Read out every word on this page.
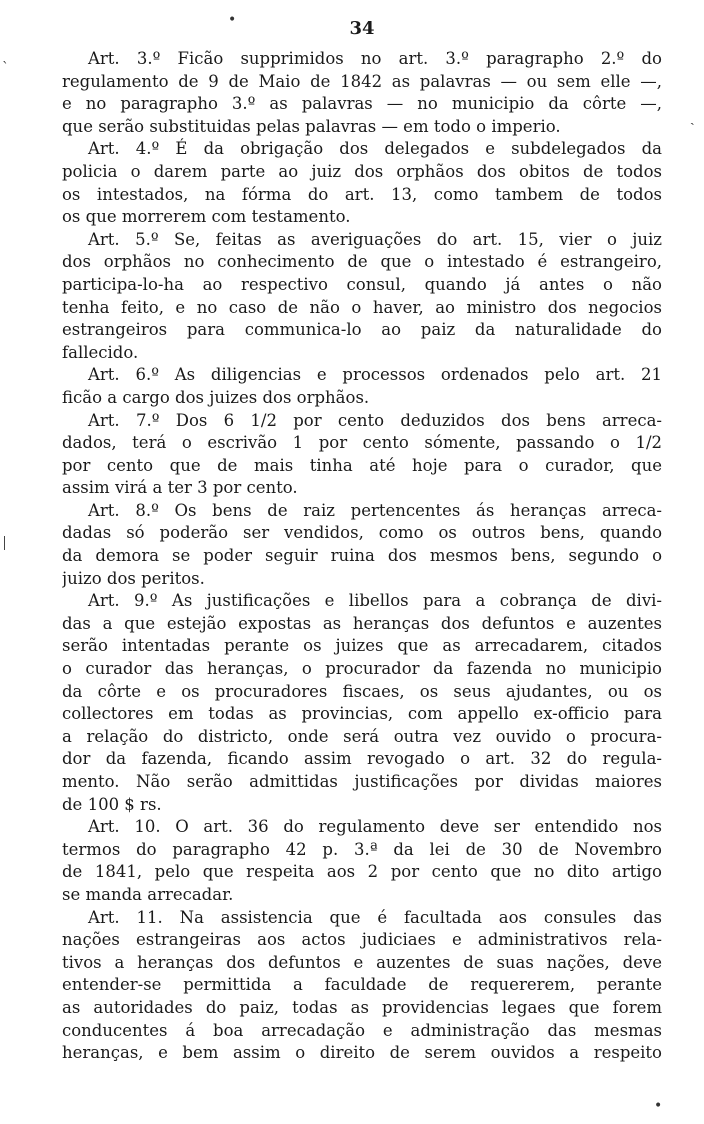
•
ˋ
ˎ
•
34
Art. 3.º Ficão supprimidos no art. 3.º paragrapho 2.º do
regulamento de 9 de Maio de 1842 as palavras — ou sem elle —,
e no paragrapho 3.º as palavras — no municipio da côrte —,
que serão substituidas pelas palavras — em todo o imperio.
Art. 4.º É da obrigação dos delegados e subdelegados da
policia o darem parte ao juiz dos orphãos dos obitos de todos
os intestados, na fórma do art. 13, como tambem de todos
os que morrerem com testamento.
Art. 5.º Se, feitas as averiguações do art. 15, vier o juiz
dos orphãos no conhecimento de que o intestado é estrangeiro,
participa-lo-ha ao respectivo consul, quando já antes o não
tenha feito, e no caso de não o haver, ao ministro dos negocios
estrangeiros para communica-lo ao paiz da naturalidade do
fallecido.
Art. 6.º As diligencias e processos ordenados pelo art. 21
ficão a cargo dos juizes dos orphãos.
Art. 7.º Dos 6 1/2 por cento deduzidos dos bens arreca-
dados, terá o escrivão 1 por cento sómente, passando o 1/2
por cento que de mais tinha até hoje para o curador, que
assim virá a ter 3 por cento.
Art. 8.º Os bens de raiz pertencentes ás heranças arreca-
dadas só poderão ser vendidos, como os outros bens, quando
da demora se poder seguir ruina dos mesmos bens, segundo o
juizo dos peritos.
Art. 9.º As justificações e libellos para a cobrança de divi-
das a que estejão expostas as heranças dos defuntos e auzentes
serão intentadas perante os juizes que as arrecadarem, citados
o curador das heranças, o procurador da fazenda no municipio
da côrte e os procuradores fiscaes, os seus ajudantes, ou os
collectores em todas as provincias, com appello ex-officio para
a relação do districto, onde será outra vez ouvido o procura-
dor da fazenda, ficando assim revogado o art. 32 do regula-
mento. Não serão admittidas justificações por dividas maiores
de 100 $ rs.
Art. 10. O art. 36 do regulamento deve ser entendido nos
termos do paragrapho 42 p. 3.ª da lei de 30 de Novembro
de 1841, pelo que respeita aos 2 por cento que no dito artigo
se manda arrecadar.
Art. 11. Na assistencia que é facultada aos consules das
nações estrangeiras aos actos judiciaes e administrativos rela-
tivos a heranças dos defuntos e auzentes de suas nações, deve
entender-se permittida a faculdade de requererem, perante
as autoridades do paiz, todas as providencias legaes que forem
conducentes á boa arrecadação e administração das mesmas
heranças, e bem assim o direito de serem ouvidos a respeito
